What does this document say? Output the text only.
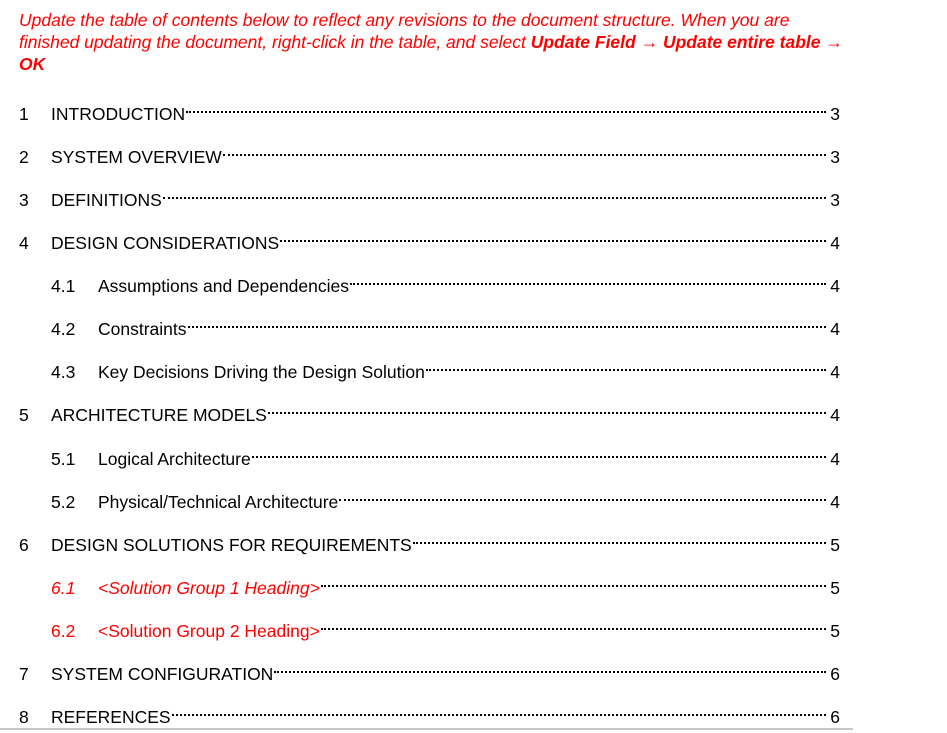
Update the table of contents below to reflect any revisions to the document structure. When you are finished updating the document, right-click in the table, and select Update Field → Update entire table → OK
1	INTRODUCTION	3
2	SYSTEM OVERVIEW	3
3	DEFINITIONS	3
4	DESIGN CONSIDERATIONS	4
4.1	Assumptions and Dependencies	4
4.2	Constraints	4
4.3	Key Decisions Driving the Design Solution	4
5	ARCHITECTURE MODELS	4
5.1	Logical Architecture	4
5.2	Physical/Technical Architecture	4
6	DESIGN SOLUTIONS FOR REQUIREMENTS	5
6.1	<Solution Group 1 Heading>	5
6.2	<Solution Group 2 Heading>	5
7	SYSTEM CONFIGURATION	6
8	REFERENCES	6
